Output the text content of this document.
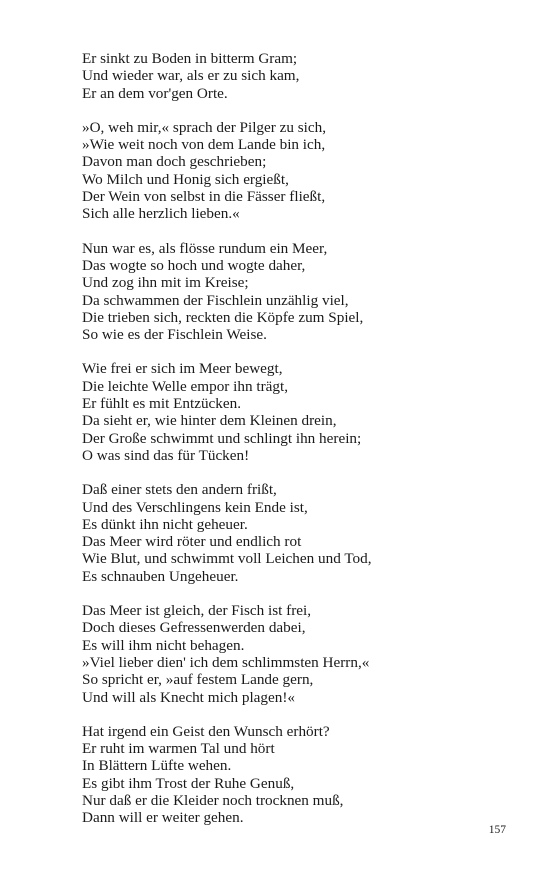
Er sinkt zu Boden in bitterm Gram;
Und wieder war, als er zu sich kam,
Er an dem vor'gen Orte.
»O, weh mir,« sprach der Pilger zu sich,
»Wie weit noch von dem Lande bin ich,
Davon man doch geschrieben;
Wo Milch und Honig sich ergießt,
Der Wein von selbst in die Fässer fließt,
Sich alle herzlich lieben.«
Nun war es, als flösse rundum ein Meer,
Das wogte so hoch und wogte daher,
Und zog ihn mit im Kreise;
Da schwammen der Fischlein unzählig viel,
Die trieben sich, reckten die Köpfe zum Spiel,
So wie es der Fischlein Weise.
Wie frei er sich im Meer bewegt,
Die leichte Welle empor ihn trägt,
Er fühlt es mit Entzücken.
Da sieht er, wie hinter dem Kleinen drein,
Der Große schwimmt und schlingt ihn herein;
O was sind das für Tücken!
Daß einer stets den andern frißt,
Und des Verschlingens kein Ende ist,
Es dünkt ihn nicht geheuer.
Das Meer wird röter und endlich rot
Wie Blut, und schwimmt voll Leichen und Tod,
Es schnauben Ungeheuer.
Das Meer ist gleich, der Fisch ist frei,
Doch dieses Gefressenwerden dabei,
Es will ihm nicht behagen.
»Viel lieber dien' ich dem schlimmsten Herrn,«
So spricht er, »auf festem Lande gern,
Und will als Knecht mich plagen!«
Hat irgend ein Geist den Wunsch erhört?
Er ruht im warmen Tal und hört
In Blättern Lüfte wehen.
Es gibt ihm Trost der Ruhe Genuß,
Nur daß er die Kleider noch trocknen muß,
Dann will er weiter gehen.
157
